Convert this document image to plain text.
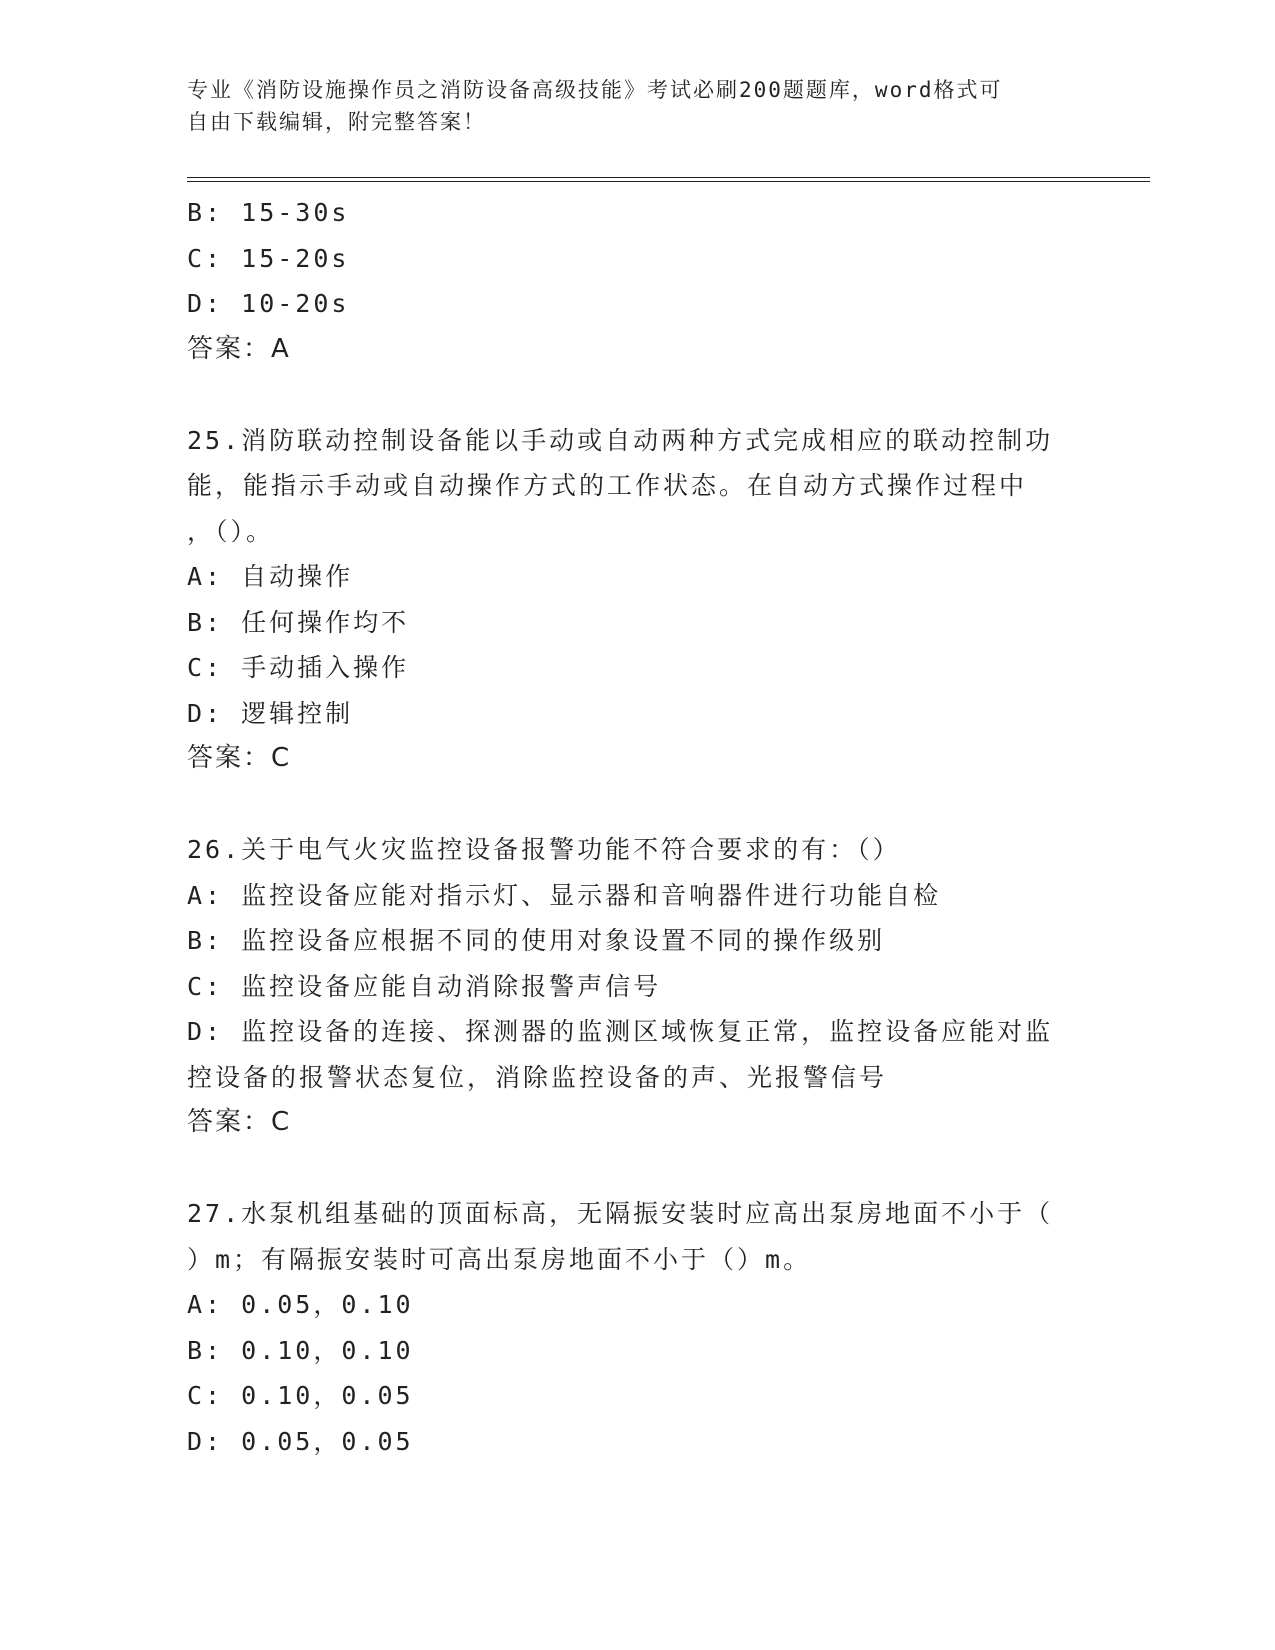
专业《消防设施操作员之消防设备高级技能》考试必刷200题题库，word格式可
自由下载编辑，附完整答案！
B: 15-30s
C: 15-20s
D: 10-20s
答案：A
25.消防联动控制设备能以手动或自动两种方式完成相应的联动控制功
能，能指示手动或自动操作方式的工作状态。在自动方式操作过程中
，（）。
A: 自动操作
B: 任何操作均不
C: 手动插入操作
D: 逻辑控制
答案：C
26.关于电气火灾监控设备报警功能不符合要求的有：（）
A: 监控设备应能对指示灯、显示器和音响器件进行功能自检
B: 监控设备应根据不同的使用对象设置不同的操作级别
C: 监控设备应能自动消除报警声信号
D: 监控设备的连接、探测器的监测区域恢复正常，监控设备应能对监
控设备的报警状态复位，消除监控设备的声、光报警信号
答案：C
27.水泵机组基础的顶面标高，无隔振安装时应高出泵房地面不小于（
）m；有隔振安装时可高出泵房地面不小于（）m。
A: 0.05，0.10
B: 0.10，0.10
C: 0.10，0.05
D: 0.05，0.05
